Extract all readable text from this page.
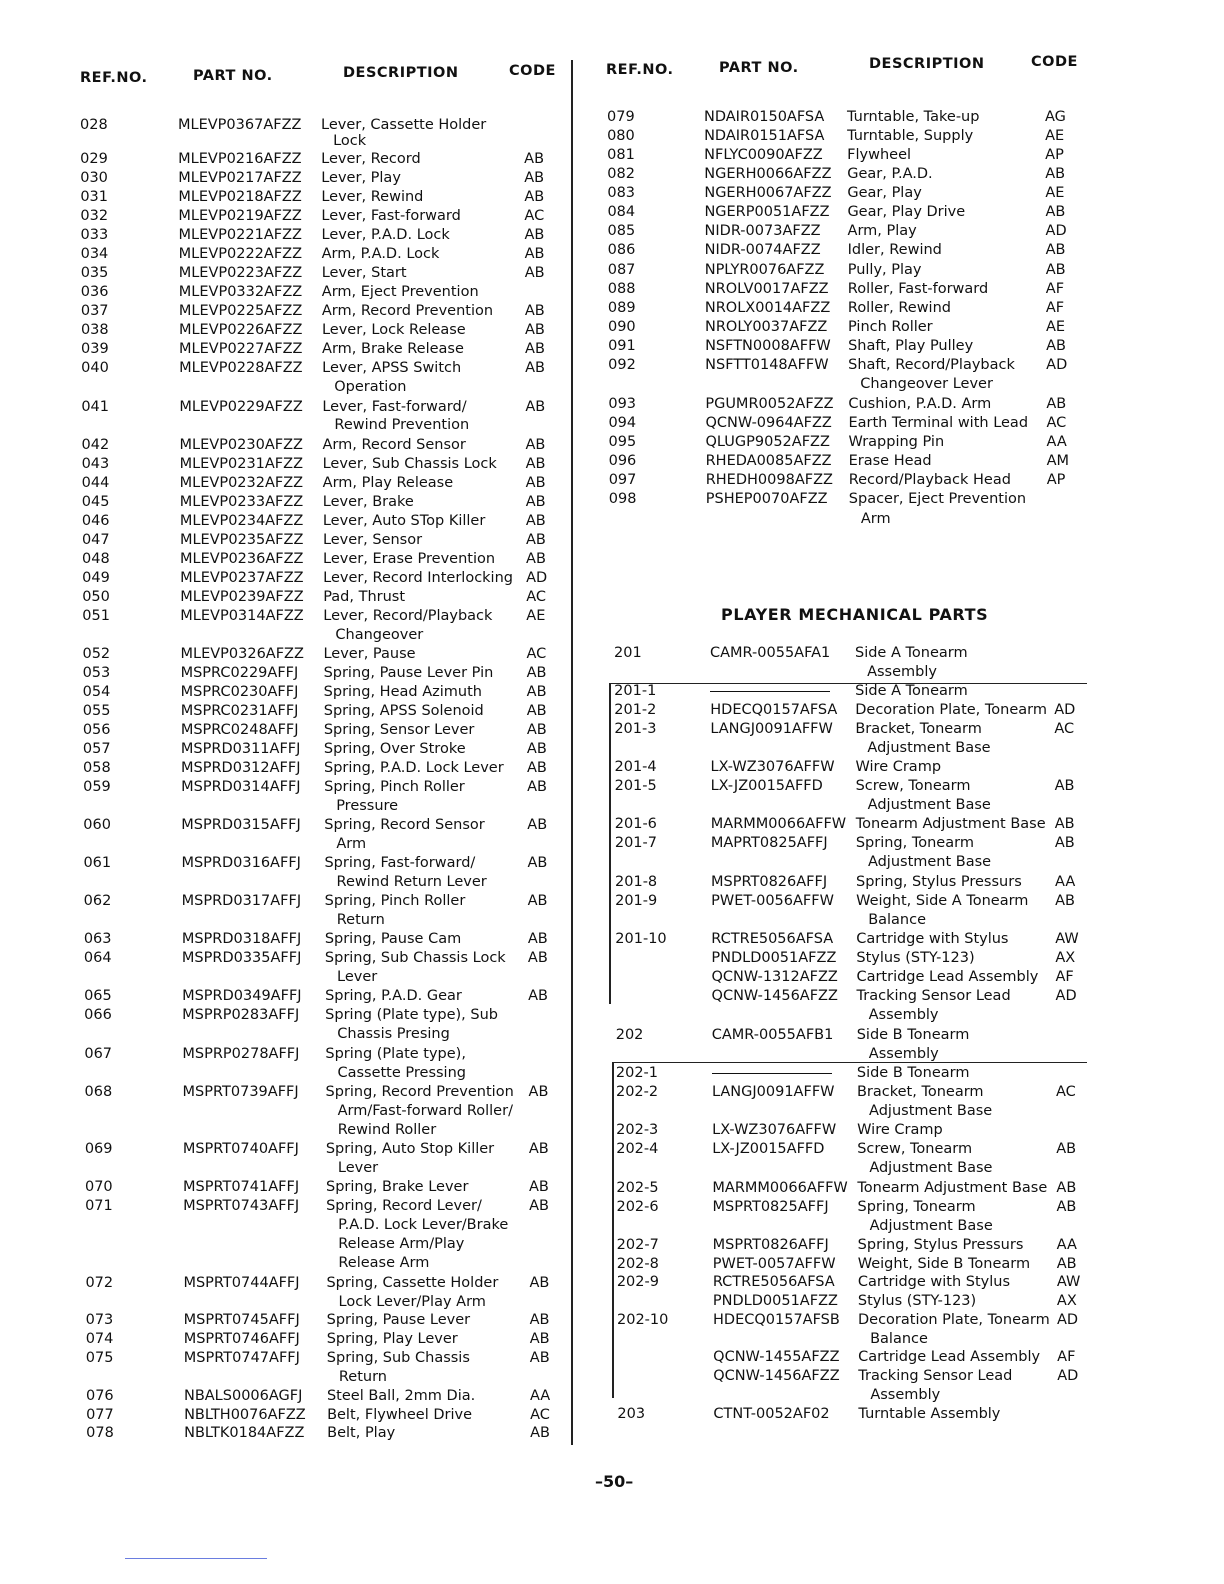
REF.NO.	PART NO.	DESCRIPTION	CODE	REF.NO.	PART NO.	DESCRIPTION	CODE
028	MLEVP0367AFZZ Lever, Cassette Holder
Lock
029	MLEVP0216AFZZ Lever, Record	AB
030	MLEVP0217AFZZ Lever, Play	AB
031	MLEVP0218AFZZ Lever, Rewind	AB
032	MLEVP0219AFZZ Lever, Fast-forward	AC
033	MLEVP0221AFZZ Lever, P.A.D. Lock	AB
034	MLEVP0222AFZZ Arm, P.A.D. Lock	AB
035	MLEVP0223AFZZ Lever, Start	AB
036	MLEVP0332AFZZ Arm, Eject Prevention
037	MLEVP0225AFZZ Arm, Record Prevention AB
038	MLEVP0226AFZZ Lever, Lock Release	AB
039	MLEVP0227AFZZ Arm, Brake Release	AB
040	MLEVP0228AFZZ Lever, APSS Switch	AB
Operation
041	MLEVP0229AFZZ Lever, Fast-forward/	AB
Rewind Prevention
042	MLEVP0230AFZZ Arm, Record Sensor	AB
043	MLEVP0231AFZZ Lever, Sub Chassis Lock AB
044	MLEVP0232AFZZ Arm, Play Release	AB
045	MLEVP0233AFZZ Lever, Brake	AB
046	MLEVP0234AFZZ Lever, Auto STop Killer	AB
047	MLEVP0235AFZZ Lever, Sensor	AB
048	MLEVP0236AFZZ Lever, Erase Prevention AB
049	MLEVP0237AFZZ Lever, Record Interlocking AD
050	MLEVP0239AFZZ Pad, Thrust	AC
051	MLEVP0314AFZZ Lever, Record/Playback AE
Changeover
052	MLEVP0326AFZZ Lever, Pause	AC
053	MSPRC0229AFFJ Spring, Pause Lever Pin AB
054	MSPRC0230AFFJ Spring, Head Azimuth	AB
055	MSPRC0231AFFJ Spring, APSS Solenoid	AB
056	MSPRC0248AFFJ Spring, Sensor Lever	AB
057	MSPRD0311AFFJ Spring, Over Stroke	AB
058	MSPRD0312AFFJ Spring, P.A.D. Lock Lever AB
059	MSPRD0314AFFJ Spring, Pinch Roller	AB
Pressure
060	MSPRD0315AFFJ Spring, Record Sensor	AB
Arm
061	MSPRD0316AFFJ Spring, Fast-forward/	AB
Rewind Return Lever
062	MSPRD0317AFFJ Spring, Pinch Roller	AB
Return
063	MSPRD0318AFFJ Spring, Pause Cam	AB
064	MSPRD0335AFFJ Spring, Sub Chassis Lock AB
Lever
065	MSPRD0349AFFJ Spring, P.A.D. Gear	AB
066	MSPRP0283AFFJ Spring (Plate type), Sub
Chassis Presing
067	MSPRP0278AFFJ Spring (Plate type),
Cassette Pressing
068	MSPRT0739AFFJ Spring, Record Prevention AB
Arm/Fast-forward Roller/
Rewind Roller
069	MSPRT0740AFFJ Spring, Auto Stop Killer AB
Lever
070	MSPRT0741AFFJ Spring, Brake Lever	AB
071	MSPRT0743AFFJ Spring, Record Lever/	AB
P.A.D. Lock Lever/Brake
Release Arm/Play
Release Arm
072	MSPRT0744AFFJ Spring, Cassette Holder AB
Lock Lever/Play Arm
073	MSPRT0745AFFJ Spring, Pause Lever	AB
074	MSPRT0746AFFJ Spring, Play Lever	AB
075	MSPRT0747AFFJ Spring, Sub Chassis	AB
Return
076	NBALS0006AGFJ Steel Ball, 2mm Dia.	AA
077	NBLTH0076AFZZ Belt, Flywheel Drive	AC
078	NBLTK0184AFZZ Belt, Play	AB
079	NDAIR0150AFSA Turntable, Take-up	AG
080	NDAIR0151AFSA Turntable, Supply	AE
081	NFLYC0090AFZZ Flywheel	AP
082	NGERH0066AFZZ Gear, P.A.D.	AB
083	NGERH0067AFZZ Gear, Play	AE
084	NGERP0051AFZZ Gear, Play Drive	AB
085	NIDR-0073AFZZ Arm, Play	AD
086	NIDR-0074AFZZ Idler, Rewind	AB
087	NPLYR0076AFZZ Pully, Play	AB
088	NROLV0017AFZZ Roller, Fast-forward	AF
089	NROLX0014AFZZ Roller, Rewind	AF
090	NROLY0037AFZZ Pinch Roller	AE
091	NSFTN0008AFFW Shaft, Play Pulley	AB
092	NSFTT0148AFFW Shaft, Record/Playback AD
Changeover Lever
093	PGUMR0052AFZZ Cushion, P.A.D. Arm	AB
094	QCNW-0964AFZZ Earth Terminal with Lead AC
095	QLUGP9052AFZZ Wrapping Pin	AA
096	RHEDA0085AFZZ Erase Head	AM
097	RHEDH0098AFZZ Record/Playback Head AP
098	PSHEP0070AFZZ Spacer, Eject Prevention
Arm
PLAYER MECHANICAL PARTS
201	CAMR-0055AFA1 Side A Tonearm
Assembly
201-1	Side A Tonearm
201-2	HDECQ0157AFSA Decoration Plate, Tonearm AD
201-3	LANGJ0091AFFW Bracket, Tonearm	AC
Adjustment Base
201-4	LX-WZ3076AFFW Wire Cramp
201-5	LX-JZ0015AFFD Screw, Tonearm	AB
Adjustment Base
201-6	MARMM0066AFFW Tonearm Adjustment Base AB
201-7	MAPRT0825AFFJ Spring, Tonearm	AB
Adjustment Base
201-8	MSPRT0826AFFJ Spring, Stylus Pressurs AA
201-9	PWET-0056AFFW Weight, Side A Tonearm AB
Balance
201-10	RCTRE5056AFSA Cartridge with Stylus	AW
PNDLD0051AFZZ Stylus (STY-123)	AX
QCNW-1312AFZZ Cartridge Lead Assembly AF
QCNW-1456AFZZ Tracking Sensor Lead	AD
Assembly
202	CAMR-0055AFB1 Side B Tonearm
Assembly
202-1	Side B Tonearm
202-2	LANGJ0091AFFW Bracket, Tonearm	AC
Adjustment Base
202-3	LX-WZ3076AFFW Wire Cramp
202-4	LX-JZ0015AFFD Screw, Tonearm	AB
Adjustment Base
202-5	MARMM0066AFFW Tonearm Adjustment Base AB
202-6	MSPRT0825AFFJ Spring, Tonearm	AB
Adjustment Base
202-7	MSPRT0826AFFJ Spring, Stylus Pressurs AA
202-8	PWET-0057AFFW Weight, Side B Tonearm AB
202-9	RCTRE5056AFSA Cartridge with Stylus	AW
PNDLD0051AFZZ Stylus (STY-123)	AX
202-10	HDECQ0157AFSB Decoration Plate, Tonearm AD
Balance
QCNW-1455AFZZ Cartridge Lead Assembly AF
QCNW-1456AFZZ Tracking Sensor Lead	AD
Assembly
203	CTNT-0052AF02 Turntable Assembly
–50–
